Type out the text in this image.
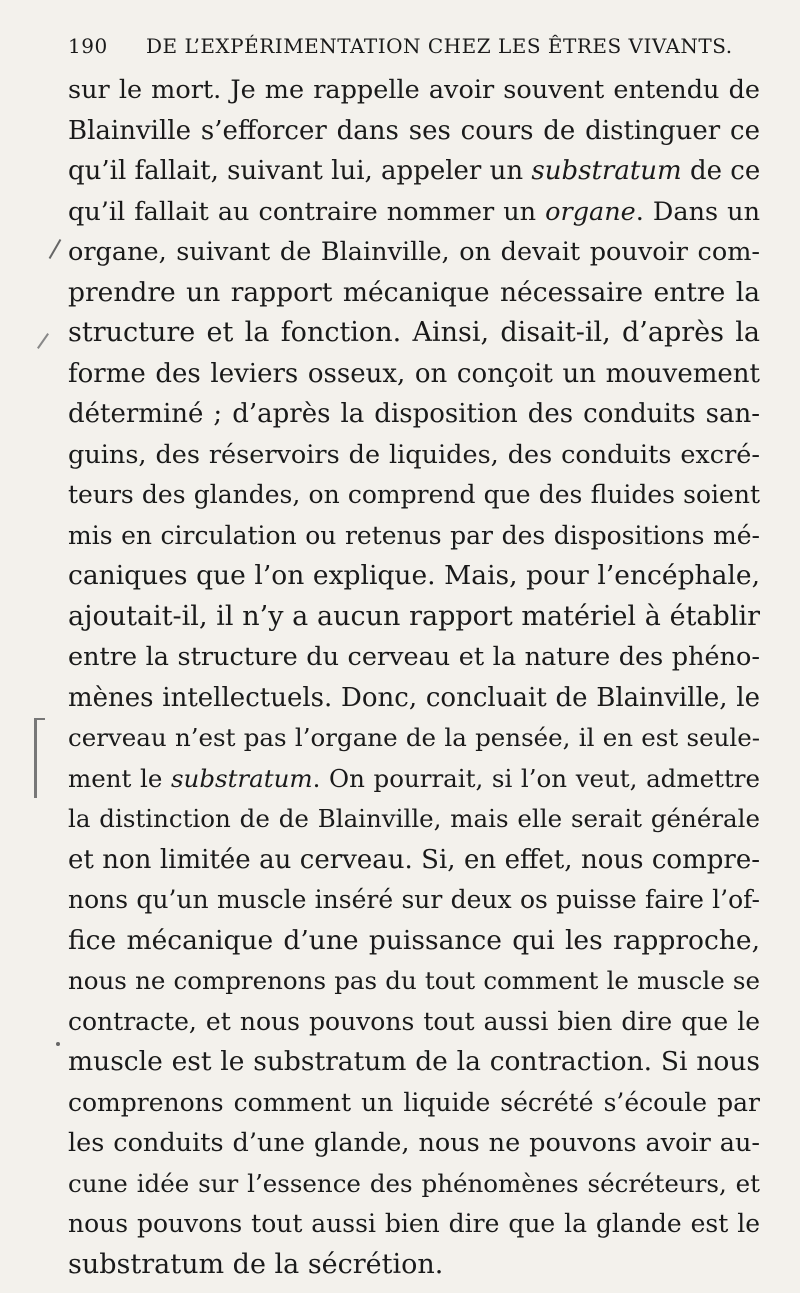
190 DE L’EXPÉRIMENTATION CHEZ LES ÊTRES VIVANTS.
sur le mort. Je me rappelle avoir souvent entendu de
Blainville s’efforcer dans ses cours de distinguer ce
qu’il fallait, suivant lui, appeler un substratum de ce
qu’il fallait au contraire nommer un organe. Dans un
organe, suivant de Blainville, on devait pouvoir com-
prendre un rapport mécanique nécessaire entre la
structure et la fonction. Ainsi, disait-il, d’après la
forme des leviers osseux, on conçoit un mouvement
déterminé ; d’après la disposition des conduits san-
guins, des réservoirs de liquides, des conduits excré-
teurs des glandes, on comprend que des fluides soient
mis en circulation ou retenus par des dispositions mé-
caniques que l’on explique. Mais, pour l’encéphale,
ajoutait-il, il n’y a aucun rapport matériel à établir
entre la structure du cerveau et la nature des phéno-
mènes intellectuels. Donc, concluait de Blainville, le
cerveau n’est pas l’organe de la pensée, il en est seule-
ment le substratum. On pourrait, si l’on veut, admettre
la distinction de de Blainville, mais elle serait générale
et non limitée au cerveau. Si, en effet, nous compre-
nons qu’un muscle inséré sur deux os puisse faire l’of-
fice mécanique d’une puissance qui les rapproche,
nous ne comprenons pas du tout comment le muscle se
contracte, et nous pouvons tout aussi bien dire que le
muscle est le substratum de la contraction. Si nous
comprenons comment un liquide sécrété s’écoule par
les conduits d’une glande, nous ne pouvons avoir au-
cune idée sur l’essence des phénomènes sécréteurs, et
nous pouvons tout aussi bien dire que la glande est le
substratum de la sécrétion.
